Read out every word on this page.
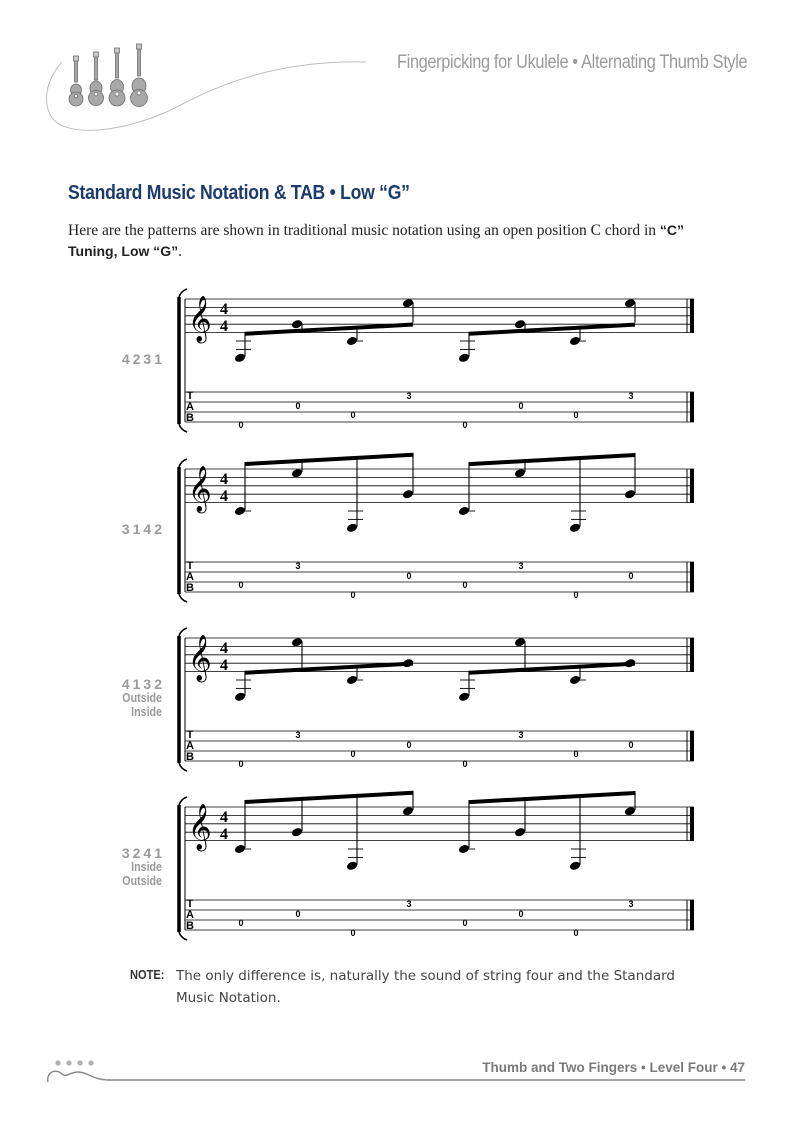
Fingerpicking for Ukulele • Alternating Thumb Style
Standard Music Notation & TAB • Low “G”
Here are the patterns are shown in traditional music notation using an open position C chord in “C” Tuning, Low “G”.
𝄞 4
4
T
A
B
0
0
0
3
0
0
0
3
𝄞 4
4
T
A
B	0
3
0
0
0
3
0
0
𝄞 4
4
T
A
B
0
3
0
0
0
3
0
0
𝄞 4
4
T
A
B	0
0
0
3
0
0
0
3
4231
3142
4132
Outside
Inside
3241
Inside
Outside
NOTE: The only difference is, naturally the sound of string four and the Standard Music Notation.
Thumb and Two Fingers • Level Four • 47
